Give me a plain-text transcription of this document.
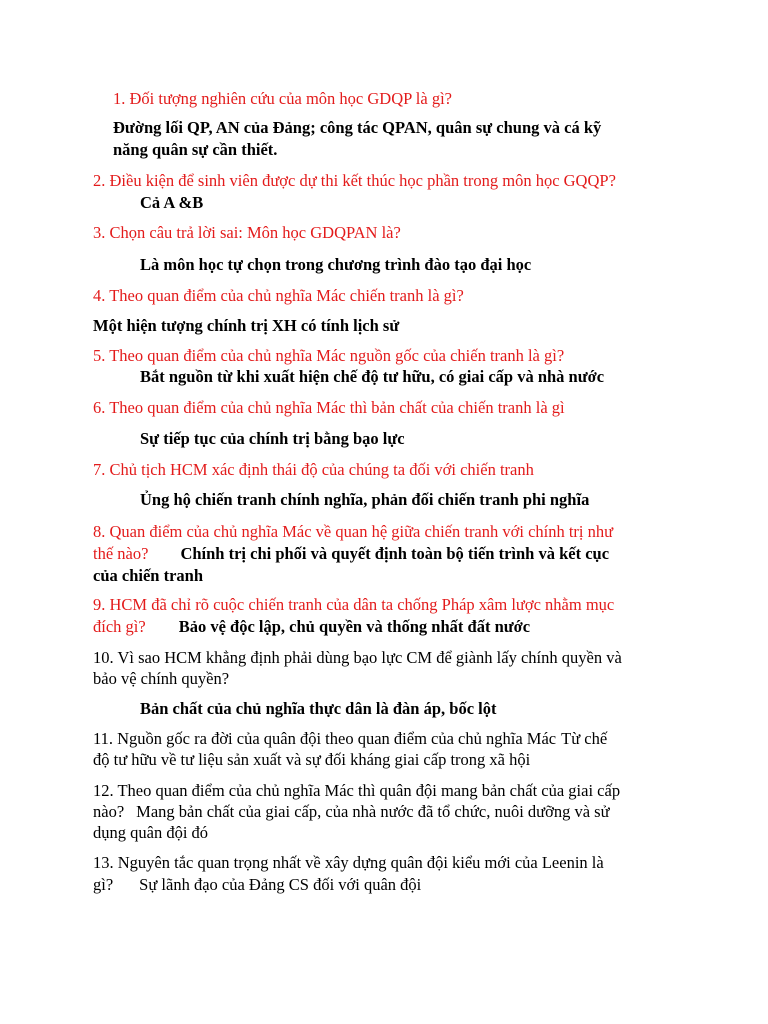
1. Đối tượng nghiên cứu của môn học GDQP là gì?
Đường lối QP, AN của Đảng; công tác QPAN, quân sự chung và cá kỹ
năng quân sự cần thiết.
2. Điều kiện để sinh viên được dự thi kết thúc học phần trong môn học GQQP?
Cả A &B
3. Chọn câu trả lời sai: Môn học GDQPAN là?
Là môn học tự chọn trong chương trình đào tạo đại học
4. Theo quan điểm của chủ nghĩa Mác chiến tranh là gì?
Một hiện tượng chính trị XH có tính lịch sử
5. Theo quan điểm của chủ nghĩa Mác nguồn gốc của chiến tranh là gì?
Bắt nguồn từ khi xuất hiện chế độ tư hữu, có giai cấp và nhà nước
6. Theo quan điểm của chủ nghĩa Mác thì bản chất của chiến tranh là gì
Sự tiếp tục của chính trị bằng bạo lực
7. Chủ tịch HCM xác định thái độ của chúng ta đối với chiến tranh
Ủng hộ chiến tranh chính nghĩa, phản đối chiến tranh phi nghĩa
8. Quan điểm của chủ nghĩa Mác về quan hệ giữa chiến tranh với chính trị như
thế nào? Chính trị chi phối và quyết định toàn bộ tiến trình và kết cục
của chiến tranh
9. HCM đã chỉ rõ cuộc chiến tranh của dân ta chống Pháp xâm lược nhằm mục
đích gì? Bảo vệ độc lập, chủ quyền và thống nhất đất nước
10. Vì sao HCM khẳng định phải dùng bạo lực CM để giành lấy chính quyền và
bảo vệ chính quyền?
Bản chất của chủ nghĩa thực dân là đàn áp, bốc lột
11. Nguồn gốc ra đời của quân đội theo quan điểm của chủ nghĩa Mác Từ chế
độ tư hữu về tư liệu sản xuất và sự đối kháng giai cấp trong xã hội
12. Theo quan điểm của chủ nghĩa Mác thì quân đội mang bản chất của giai cấp
nào? Mang bản chất của giai cấp, của nhà nước đã tổ chức, nuôi dưỡng và sử
dụng quân đội đó
13. Nguyên tắc quan trọng nhất về xây dựng quân đội kiểu mới của Leenin là
gì? Sự lãnh đạo của Đảng CS đối với quân đội
